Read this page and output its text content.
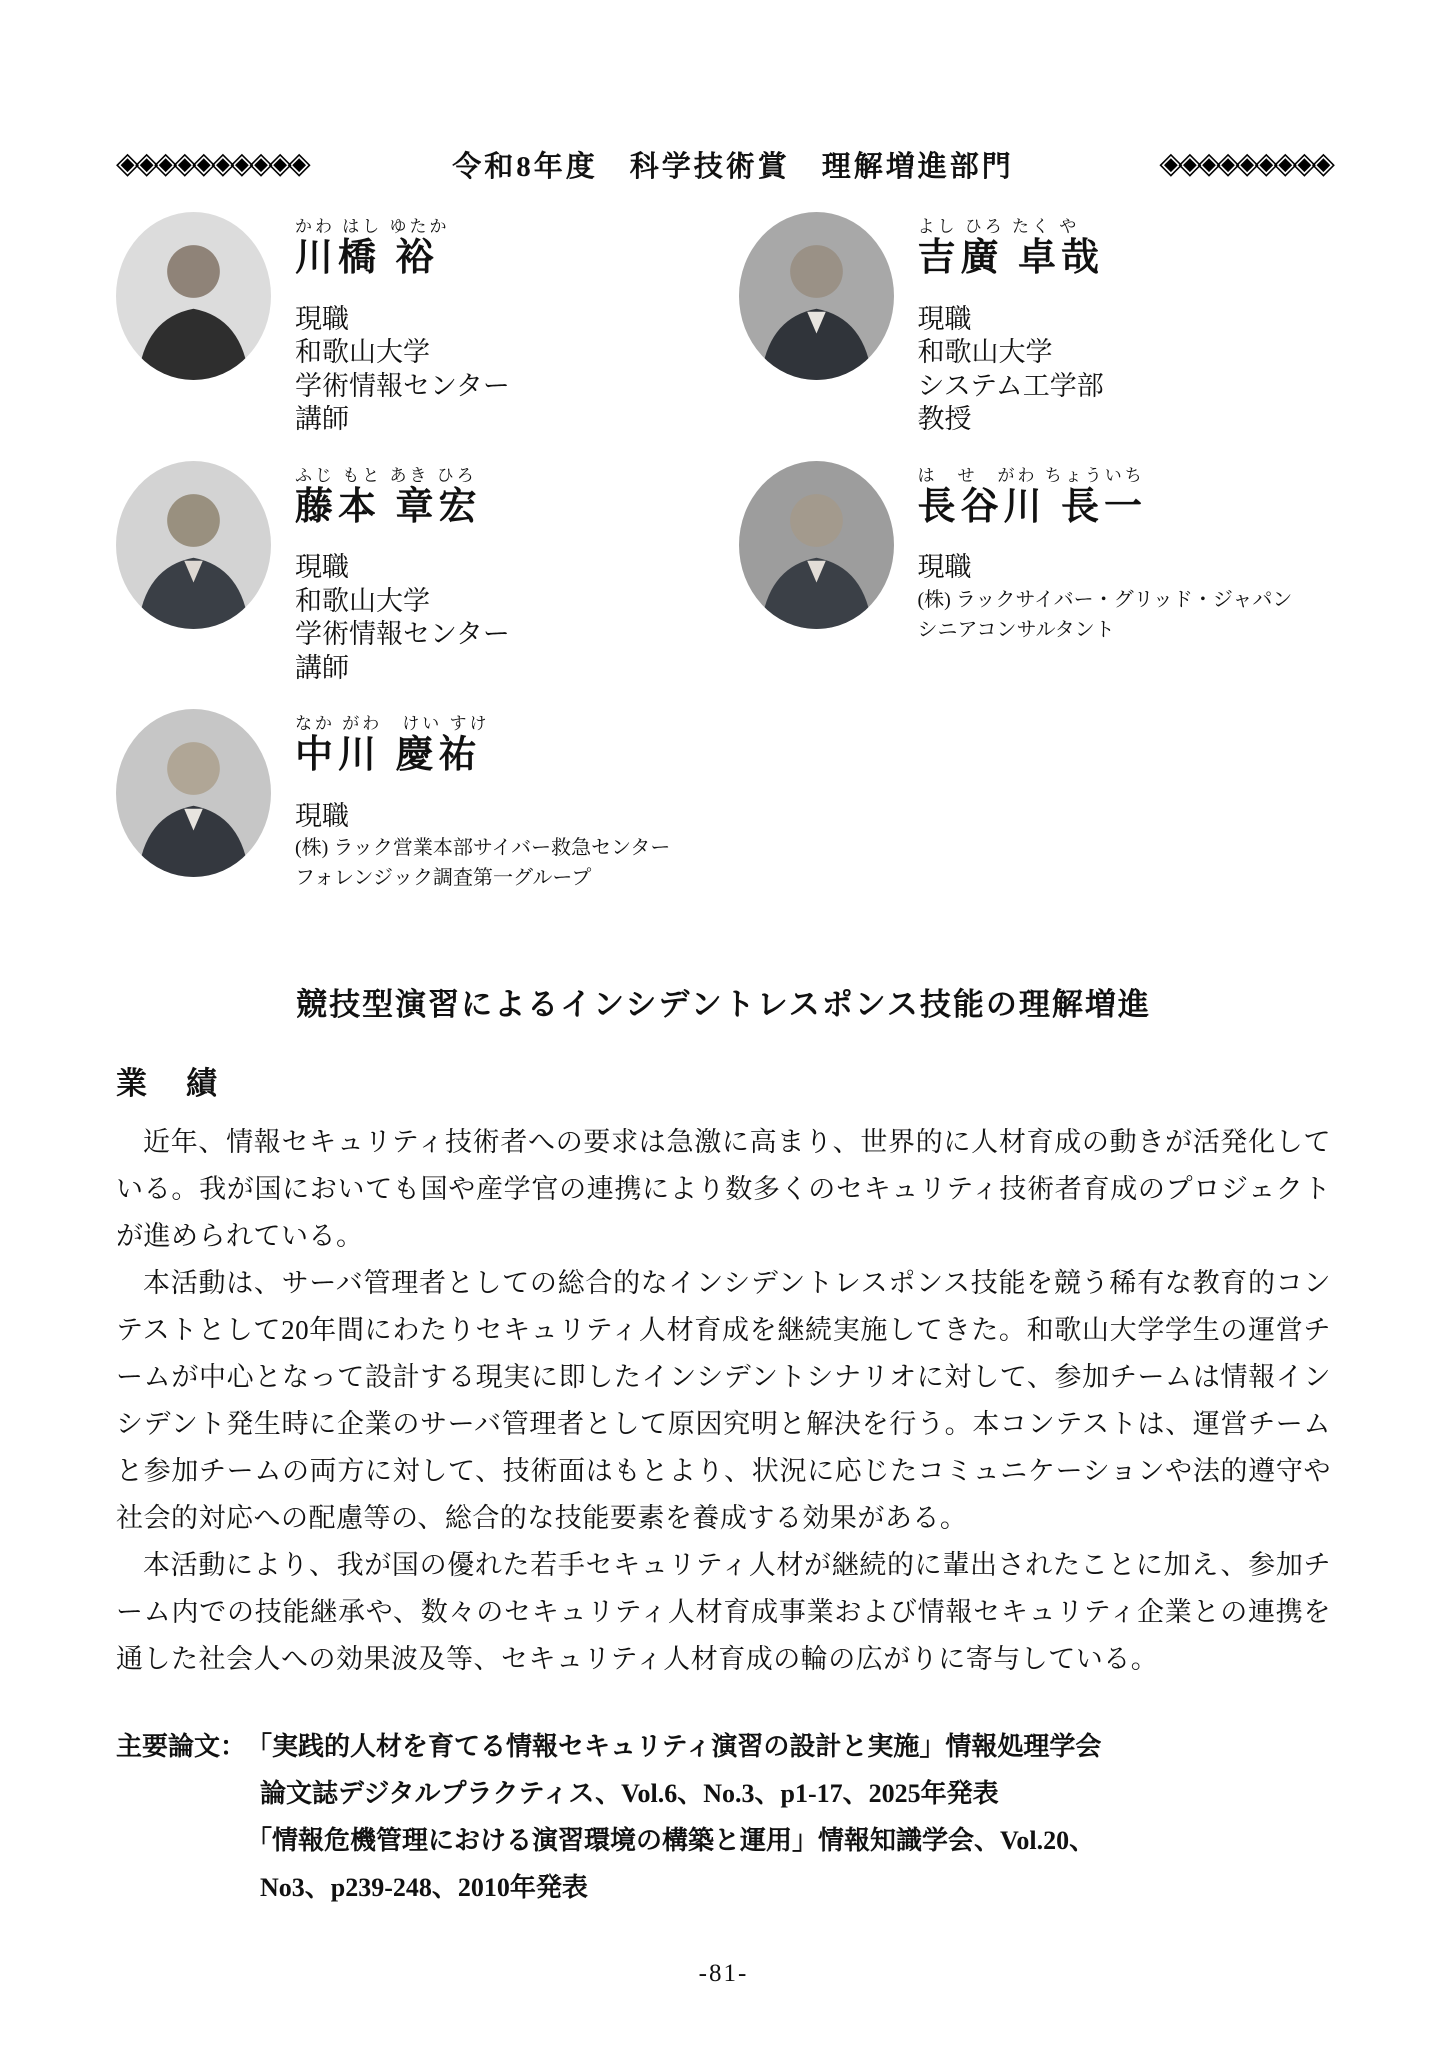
◈◈◈◈◈◈◈◈◈◈	令和8年度　科学技術賞　理解増進部門	◈◈◈◈◈◈◈◈◈
かわ はし ゆたか
川橋 裕
現職
和歌山大学
学術情報センター
講師
よし ひろ たく や
吉廣 卓哉
現職
和歌山大学
システム工学部
教授
ふじ もと あき ひろ
藤本 章宏
現職
和歌山大学
学術情報センター
講師
は　せ　がわ ちょういち
長谷川 長一
現職
(株) ラックサイバー・グリッド・ジャパン
シニアコンサルタント
なか がわ　けい すけ
中川 慶祐
現職
(株) ラック営業本部サイバー救急センター
フォレンジック調査第一グループ
競技型演習によるインシデントレスポンス技能の理解増進
業　績

近年、情報セキュリティ技術者への要求は急激に高まり、世界的に人材育成の動きが活発化している。我が国においても国や産学官の連携により数多くのセキュリティ技術者育成のプロジェクトが進められている。

本活動は、サーバ管理者としての総合的なインシデントレスポンス技能を競う稀有な教育的コンテストとして20年間にわたりセキュリティ人材育成を継続実施してきた。和歌山大学学生の運営チームが中心となって設計する現実に即したインシデントシナリオに対して、参加チームは情報インシデント発生時に企業のサーバ管理者として原因究明と解決を行う。本コンテストは、運営チームと参加チームの両方に対して、技術面はもとより、状況に応じたコミュニケーションや法的遵守や社会的対応への配慮等の、総合的な技能要素を養成する効果がある。

本活動により、我が国の優れた若手セキュリティ人材が継続的に輩出されたことに加え、参加チーム内での技能継承や、数々のセキュリティ人材育成事業および情報セキュリティ企業との連携を通した社会人への効果波及等、セキュリティ人材育成の輪の広がりに寄与している。

主要論文： 「実践的人材を育てる情報セキュリティ演習の設計と実施」情報処理学会
論文誌デジタルプラクティス、Vol.6、No.3、p1-17、2025年発表
「情報危機管理における演習環境の構築と運用」情報知識学会、Vol.20、
No3、p239-248、2010年発表
-81-
